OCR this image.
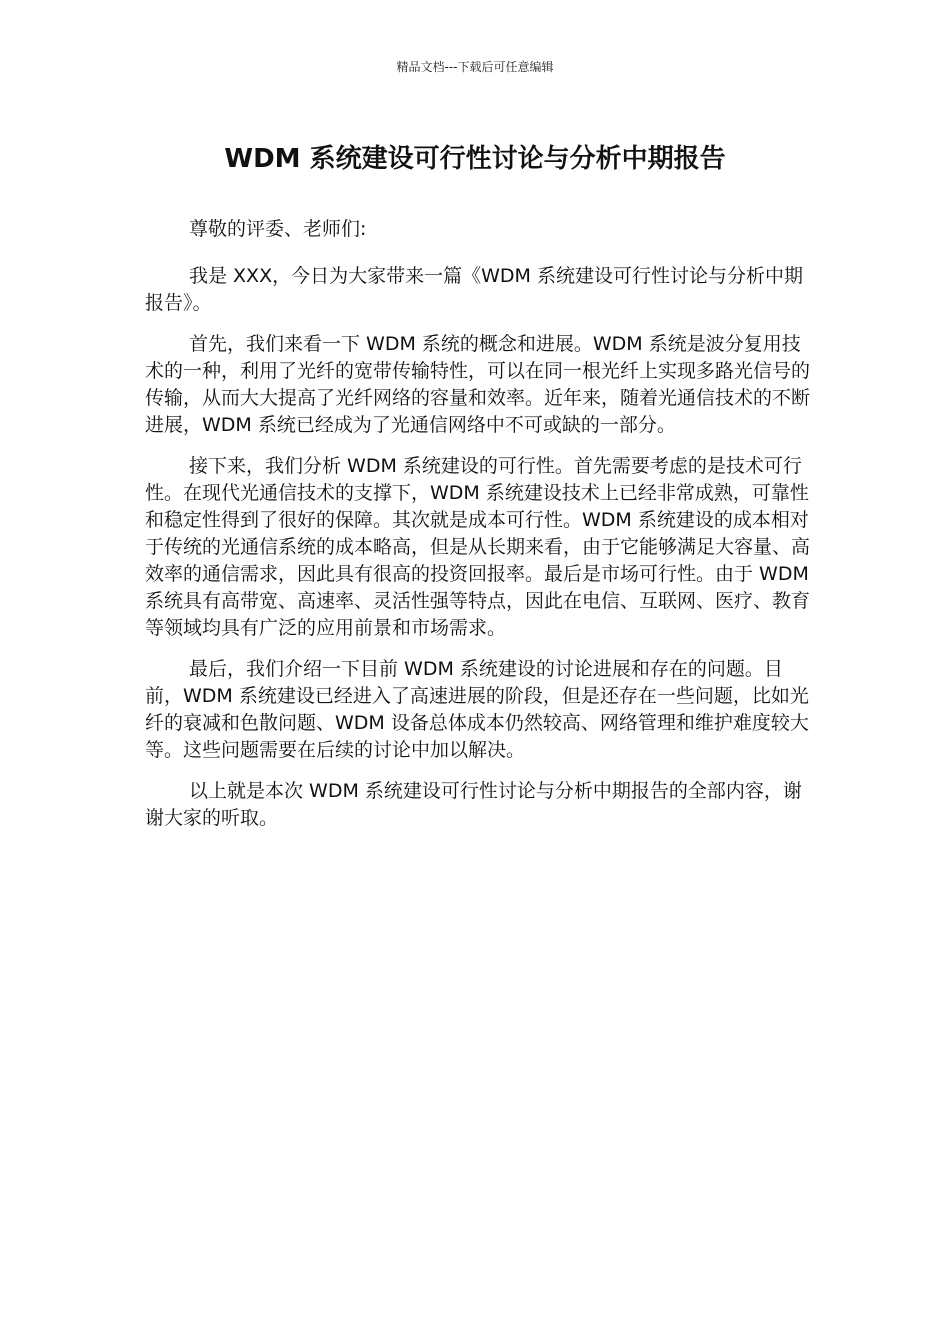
精品文档---下载后可任意编辑
WDM 系统建设可行性讨论与分析中期报告

尊敬的评委、老师们:

我是 XXX，今日为大家带来一篇《WDM 系统建设可行性讨论与分析中期报告》。

首先，我们来看一下 WDM 系统的概念和进展。WDM 系统是波分复用技术的一种，利用了光纤的宽带传输特性，可以在同一根光纤上实现多路光信号的传输，从而大大提高了光纤网络的容量和效率。近年来，随着光通信技术的不断进展，WDM 系统已经成为了光通信网络中不可或缺的一部分。

接下来，我们分析 WDM 系统建设的可行性。首先需要考虑的是技术可行性。在现代光通信技术的支撑下，WDM 系统建设技术上已经非常成熟，可靠性和稳定性得到了很好的保障。其次就是成本可行性。WDM 系统建设的成本相对于传统的光通信系统的成本略高，但是从长期来看，由于它能够满足大容量、高效率的通信需求，因此具有很高的投资回报率。最后是市场可行性。由于 WDM 系统具有高带宽、高速率、灵活性强等特点，因此在电信、互联网、医疗、教育等领域均具有广泛的应用前景和市场需求。

最后，我们介绍一下目前 WDM 系统建设的讨论进展和存在的问题。目前，WDM 系统建设已经进入了高速进展的阶段，但是还存在一些问题，比如光纤的衰减和色散问题、WDM 设备总体成本仍然较高、网络管理和维护难度较大等。这些问题需要在后续的讨论中加以解决。

以上就是本次 WDM 系统建设可行性讨论与分析中期报告的全部内容，谢谢大家的听取。
